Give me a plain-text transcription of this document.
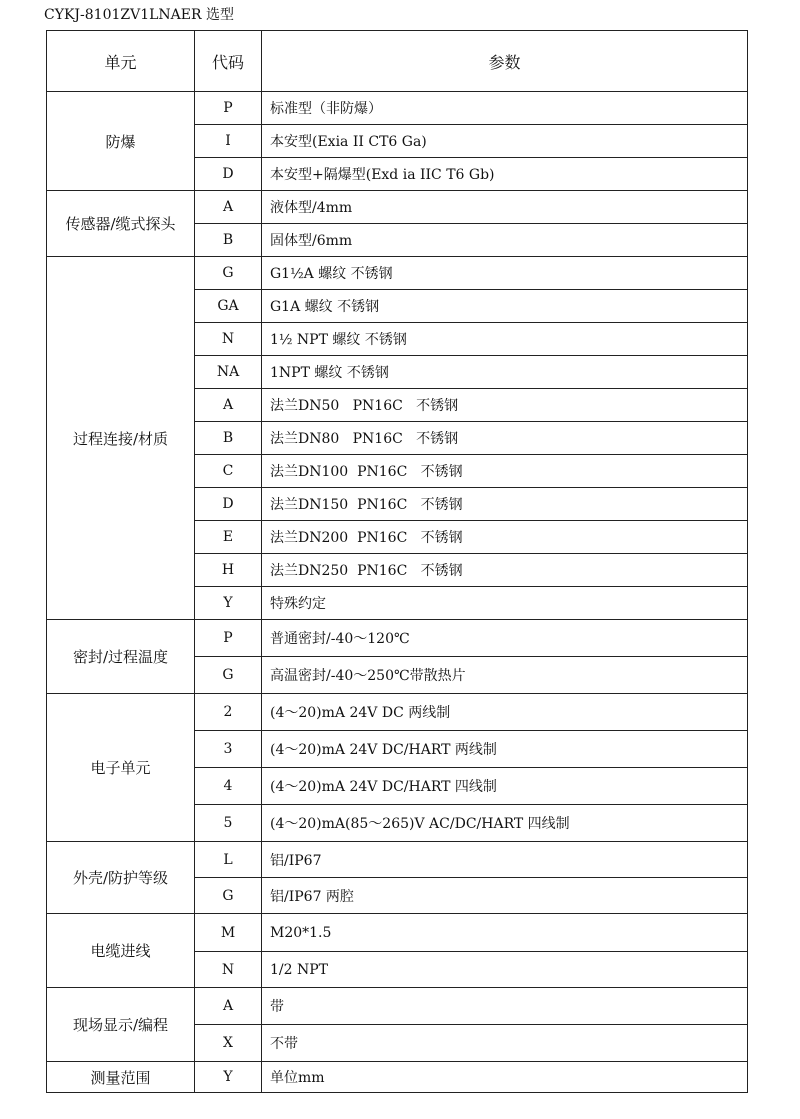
CYKJ-8101ZV1LNAER 选型
单元	代码	参数
防爆	P	标准型（非防爆）
	I	本安型(Exia II CT6 Ga)
	D	本安型+隔爆型(Exd ia IIC T6 Gb)
传感器/缆式探头	A	液体型/4mm
	B	固体型/6mm
过程连接/材质	G	G1½A 螺纹 不锈钢
	GA	G1A 螺纹 不锈钢
	N	1½ NPT 螺纹 不锈钢
	NA	1NPT 螺纹 不锈钢
	A	法兰DN50   PN16C   不锈钢
	B	法兰DN80   PN16C   不锈钢
	C	法兰DN100  PN16C   不锈钢
	D	法兰DN150  PN16C   不锈钢
	E	法兰DN200  PN16C   不锈钢
	H	法兰DN250  PN16C   不锈钢
	Y	特殊约定
密封/过程温度	P	普通密封/-40～120℃
	G	高温密封/-40～250℃带散热片
电子单元	2	(4～20)mA 24V DC 两线制
	3	(4～20)mA 24V DC/HART 两线制
	4	(4～20)mA 24V DC/HART 四线制
	5	(4～20)mA(85～265)V AC/DC/HART 四线制
外壳/防护等级	L	铝/IP67
	G	铝/IP67 两腔
电缆进线	M	M20*1.5
	N	1/2 NPT
现场显示/编程	A	带
	X	不带
测量范围	Y	单位mm
